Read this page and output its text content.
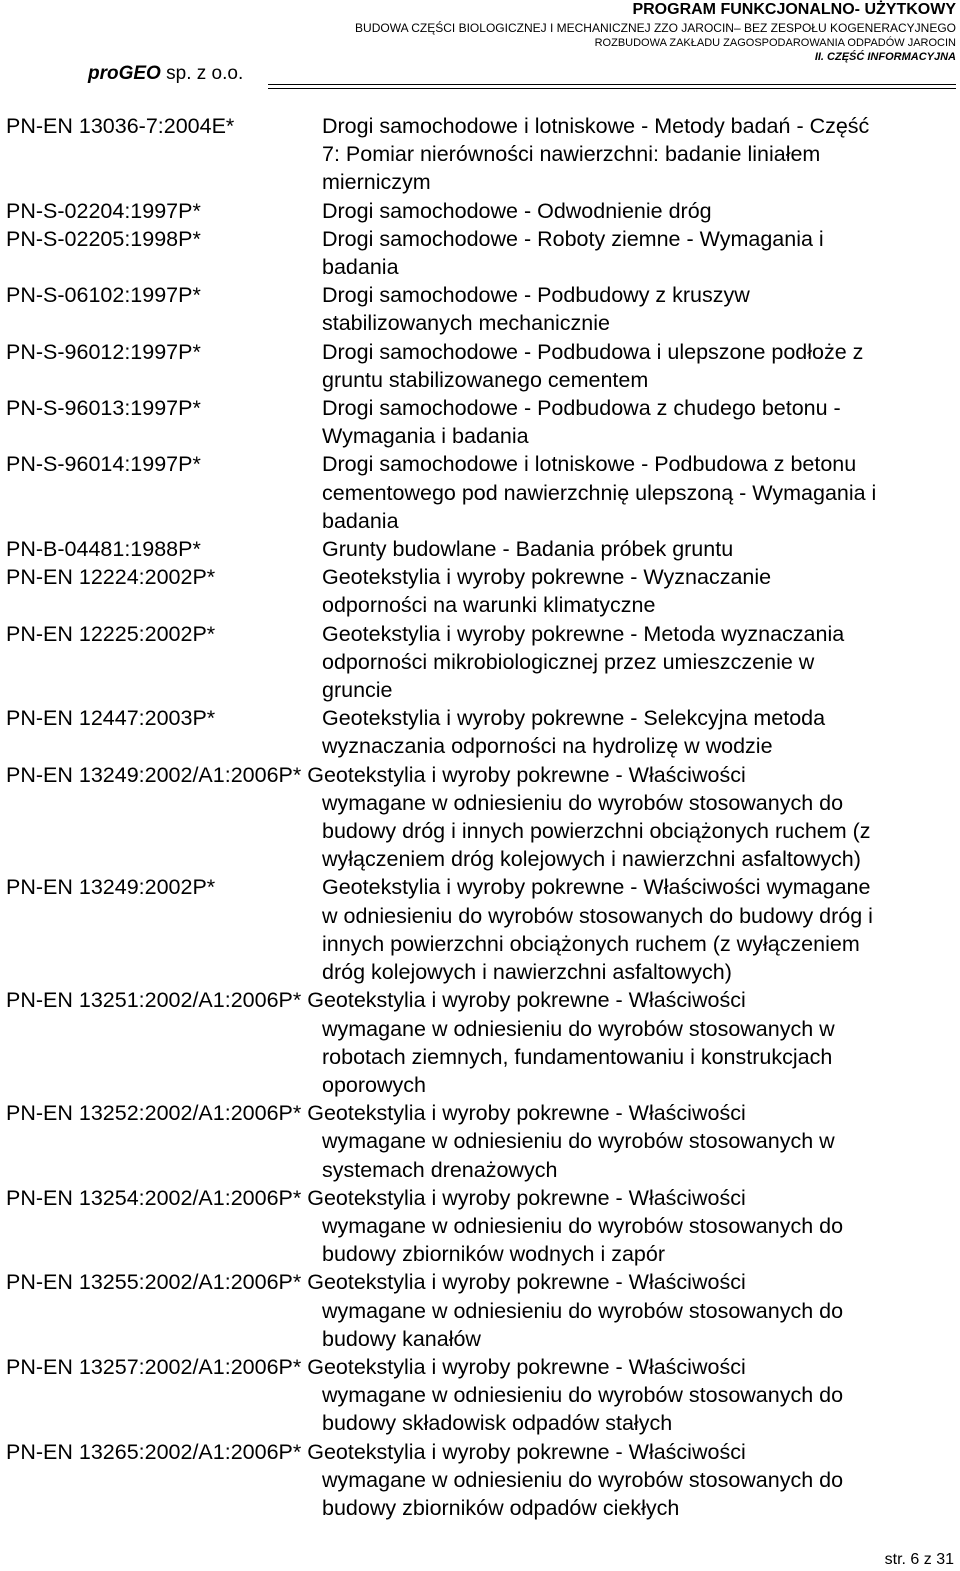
PROGRAM FUNKCJONALNO- UŻYTKOWY
BUDOWA CZĘŚCI BIOLOGICZNEJ I MECHANICZNEJ ZZO JAROCIN– BEZ ZESPOŁU KOGENERACYJNEGO
ROZBUDOWA ZAKŁADU ZAGOSPODAROWANIA ODPADÓW JAROCIN
II. CZĘŚĆ INFORMACYJNA
proGEO sp. z o.o.
PN-EN 13036-7:2004E*	Drogi samochodowe i lotniskowe - Metody badań - Część
7: Pomiar nierówności nawierzchni: badanie liniałem
mierniczym
PN-S-02204:1997P*	Drogi samochodowe - Odwodnienie dróg
PN-S-02205:1998P*	Drogi samochodowe - Roboty ziemne - Wymagania i
badania
PN-S-06102:1997P*	Drogi samochodowe - Podbudowy z kruszyw
stabilizowanych mechanicznie
PN-S-96012:1997P*	Drogi samochodowe - Podbudowa i ulepszone podłoże z
gruntu stabilizowanego cementem
PN-S-96013:1997P*	Drogi samochodowe - Podbudowa z chudego betonu -
Wymagania i badania
PN-S-96014:1997P*	Drogi samochodowe i lotniskowe - Podbudowa z betonu
cementowego pod nawierzchnię ulepszoną - Wymagania i
badania
PN-B-04481:1988P*	Grunty budowlane - Badania próbek gruntu
PN-EN 12224:2002P*	Geotekstylia i wyroby pokrewne - Wyznaczanie
odporności na warunki klimatyczne
PN-EN 12225:2002P*	Geotekstylia i wyroby pokrewne - Metoda wyznaczania
odporności mikrobiologicznej przez umieszczenie w
gruncie
PN-EN 12447:2003P*	Geotekstylia i wyroby pokrewne - Selekcyjna metoda
wyznaczania odporności na hydrolizę w wodzie
PN-EN 13249:2002/A1:2006P* Geotekstylia i wyroby pokrewne - Właściwości
wymagane w odniesieniu do wyrobów stosowanych do
budowy dróg i innych powierzchni obciążonych ruchem (z
wyłączeniem dróg kolejowych i nawierzchni asfaltowych)
PN-EN 13249:2002P*	Geotekstylia i wyroby pokrewne - Właściwości wymagane
w odniesieniu do wyrobów stosowanych do budowy dróg i
innych powierzchni obciążonych ruchem (z wyłączeniem
dróg kolejowych i nawierzchni asfaltowych)
PN-EN 13251:2002/A1:2006P* Geotekstylia i wyroby pokrewne - Właściwości
wymagane w odniesieniu do wyrobów stosowanych w
robotach ziemnych, fundamentowaniu i konstrukcjach
oporowych
PN-EN 13252:2002/A1:2006P* Geotekstylia i wyroby pokrewne - Właściwości
wymagane w odniesieniu do wyrobów stosowanych w
systemach drenażowych
PN-EN 13254:2002/A1:2006P* Geotekstylia i wyroby pokrewne - Właściwości
wymagane w odniesieniu do wyrobów stosowanych do
budowy zbiorników wodnych i zapór
PN-EN 13255:2002/A1:2006P* Geotekstylia i wyroby pokrewne - Właściwości
wymagane w odniesieniu do wyrobów stosowanych do
budowy kanałów
PN-EN 13257:2002/A1:2006P* Geotekstylia i wyroby pokrewne - Właściwości
wymagane w odniesieniu do wyrobów stosowanych do
budowy składowisk odpadów stałych
PN-EN 13265:2002/A1:2006P* Geotekstylia i wyroby pokrewne - Właściwości
wymagane w odniesieniu do wyrobów stosowanych do
budowy zbiorników odpadów ciekłych
str. 6 z 31
